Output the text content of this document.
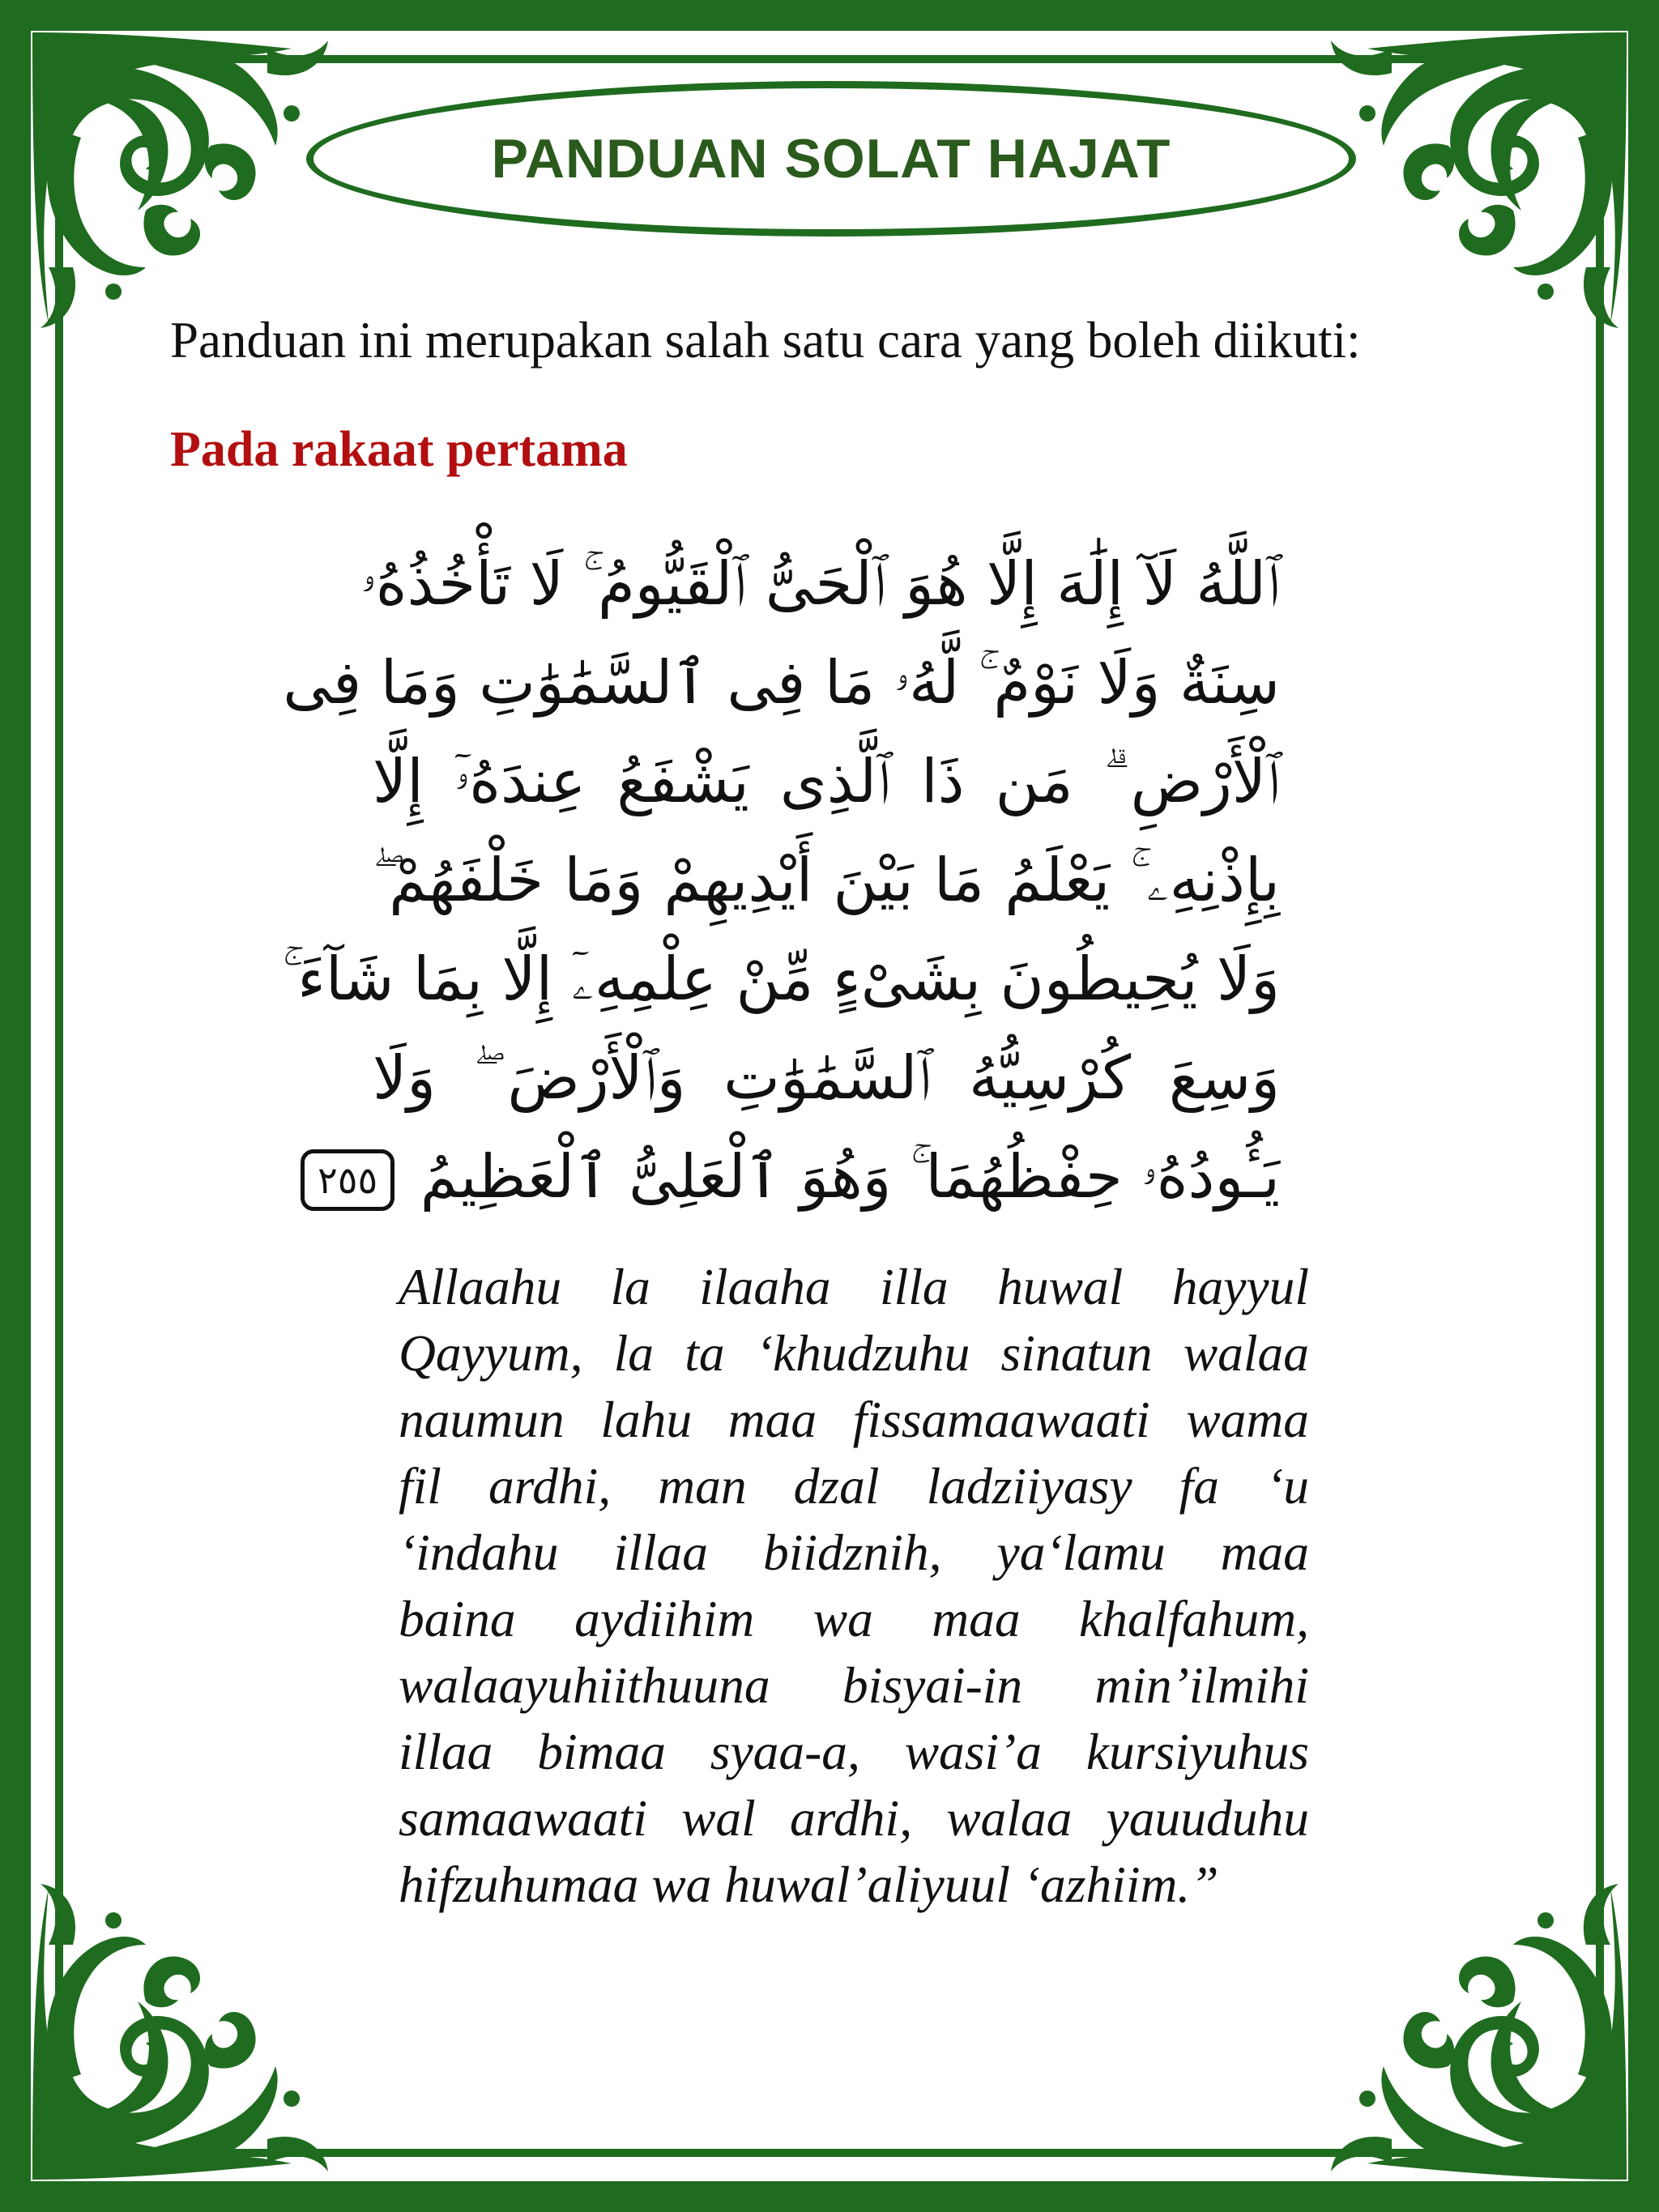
PANDUAN SOLAT HAJAT
Panduan ini merupakan salah satu cara yang boleh diikuti:
Pada rakaat pertama
ٱللَّهُ لَآ إِلَٰهَ إِلَّا هُوَ ٱلْحَىُّ ٱلْقَيُّومُ ۚ لَا تَأْخُذُهُۥ
سِنَةٌ وَلَا نَوْمٌ ۚ لَّهُۥ مَا فِى ٱلسَّمَٰوَٰتِ وَمَا فِى
ٱلْأَرْضِ ۗ مَن ذَا ٱلَّذِى يَشْفَعُ عِندَهُۥٓ إِلَّا
بِإِذْنِهِۦ ۚ يَعْلَمُ مَا بَيْنَ أَيْدِيهِمْ وَمَا خَلْفَهُمْ ۖ
وَلَا يُحِيطُونَ بِشَىْءٍ مِّنْ عِلْمِهِۦٓ إِلَّا بِمَا شَآءَ ۚ
وَسِعَ كُرْسِيُّهُ ٱلسَّمَٰوَٰتِ وَٱلْأَرْضَ ۖ وَلَا
يَـُٔودُهُۥ حِفْظُهُمَا ۚ وَهُوَ ٱلْعَلِىُّ ٱلْعَظِيمُ ٢٥٥
Allaahu la ilaaha illa huwal hayyul
Qayyum, la ta ‘khudzuhu sinatun walaa
naumun lahu maa fissamaawaati wama
fil ardhi, man dzal ladziiyasy fa ‘u
‘indahu illaa biidznih, ya‘lamu maa
baina aydiihim wa maa khalfahum,
walaayuhiithuuna bisyai-in min’ilmihi
illaa bimaa syaa-a, wasi’a kursiyuhus
samaawaati wal ardhi, walaa yauuduhu
hifzuhumaa wa huwal’aliyuul ‘azhiim.”
